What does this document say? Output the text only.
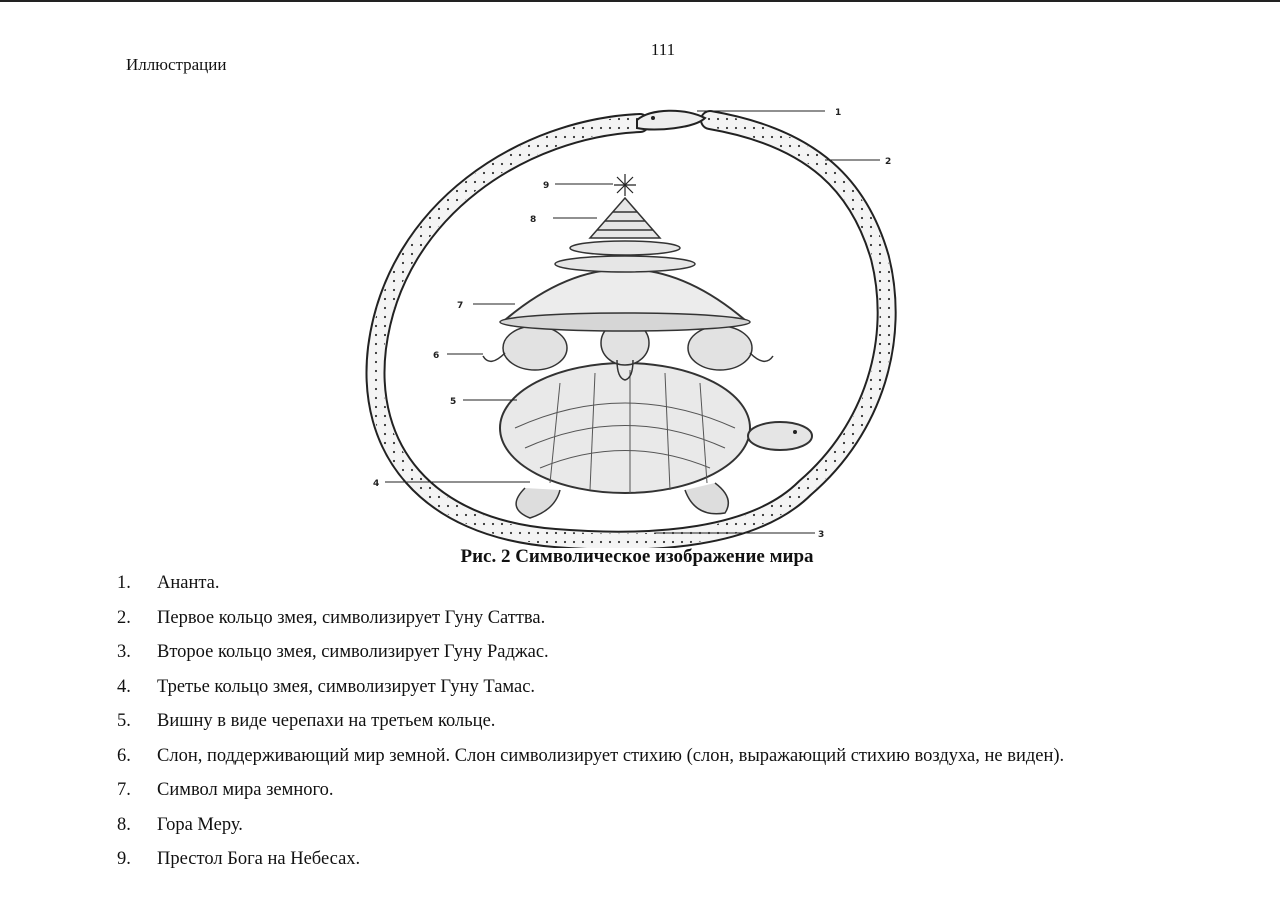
111
Иллюстрации
1
2
3
4
5
6
7
8
9
Рис. 2 Символическое изображение мира
1. Ананта.
2. Первое кольцо змея, символизирует Гуну Саттва.
3. Второе кольцо змея, символизирует Гуну Раджас.
4. Третье кольцо змея, символизирует Гуну Тамас.
5. Вишну в виде черепахи на третьем кольце.
6. Слон, поддерживающий мир земной. Слон символизирует стихию (слон, выражающий стихию воздуха, не виден).
7. Символ мира земного.
8. Гора Меру.
9. Престол Бога на Небесах.
